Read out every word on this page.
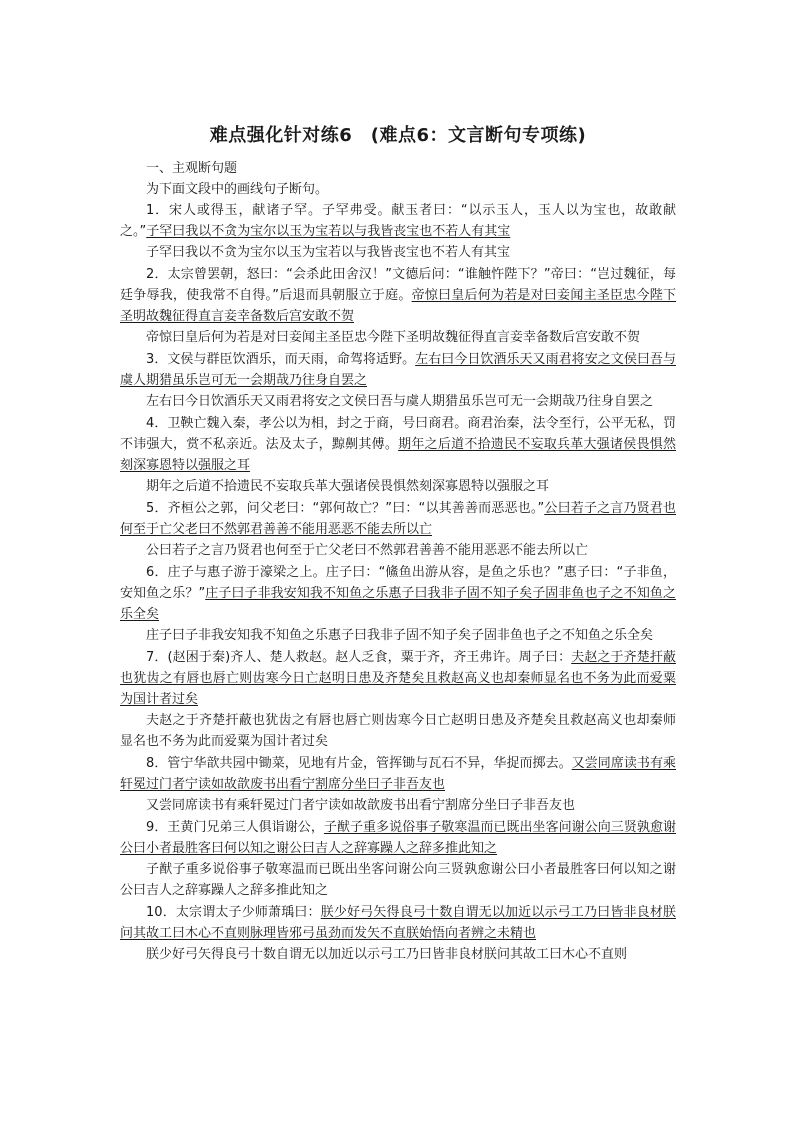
难点强化针对练6　(难点6：文言断句专项练)

一、主观断句题

为下面文段中的画线句子断句。

1．宋人或得玉，献诸子罕。子罕弗受。献玉者曰：“以示玉人，玉人以为宝也，故敢献之。”子罕曰我以不贪为宝尔以玉为宝若以与我皆丧宝也不若人有其宝

子罕曰我以不贪为宝尔以玉为宝若以与我皆丧宝也不若人有其宝

2．太宗曾罢朝，怒曰：“会杀此田舍汉！”文德后问：“谁触忤陛下？”帝曰：“岂过魏征，每廷争辱我，使我常不自得。”后退而具朝服立于庭。帝惊曰皇后何为若是对曰妾闻主圣臣忠今陛下圣明故魏征得直言妾幸备数后宫安敢不贺

帝惊曰皇后何为若是对曰妾闻主圣臣忠今陛下圣明故魏征得直言妾幸备数后宫安敢不贺

3．文侯与群臣饮酒乐，而天雨，命驾将适野。左右曰今日饮酒乐天又雨君将安之文侯曰吾与虞人期猎虽乐岂可无一会期哉乃往身自罢之

左右曰今日饮酒乐天又雨君将安之文侯曰吾与虞人期猎虽乐岂可无一会期哉乃往身自罢之

4．卫鞅亡魏入秦，孝公以为相，封之于商，号曰商君。商君治秦，法令至行，公平无私，罚不讳强大，赏不私亲近。法及太子，黥劓其傅。期年之后道不拾遗民不妄取兵革大强诸侯畏惧然刻深寡恩特以强服之耳

期年之后道不拾遗民不妄取兵革大强诸侯畏惧然刻深寡恩特以强服之耳

5．齐桓公之郭，问父老曰：“郭何故亡？”曰：“以其善善而恶恶也。”公曰若子之言乃贤君也何至于亡父老曰不然郭君善善不能用恶恶不能去所以亡

公曰若子之言乃贤君也何至于亡父老曰不然郭君善善不能用恶恶不能去所以亡

6．庄子与惠子游于濠梁之上。庄子曰：“鯈鱼出游从容，是鱼之乐也？”惠子曰：“子非鱼，安知鱼之乐？”庄子曰子非我安知我不知鱼之乐惠子曰我非子固不知子矣子固非鱼也子之不知鱼之乐全矣

庄子曰子非我安知我不知鱼之乐惠子曰我非子固不知子矣子固非鱼也子之不知鱼之乐全矣

7．(赵困于秦)齐人、楚人救赵。赵人乏食，粟于齐，齐王弗许。周子曰：夫赵之于齐楚扞蔽也犹齿之有唇也唇亡则齿寒今日亡赵明日患及齐楚矣且救赵高义也却秦师显名也不务为此而爱粟为国计者过矣

夫赵之于齐楚扞蔽也犹齿之有唇也唇亡则齿寒今日亡赵明日患及齐楚矣且救赵高义也却秦师显名也不务为此而爱粟为国计者过矣

8．管宁华歆共园中锄菜，见地有片金，管挥锄与瓦石不异，华捉而掷去。又尝同席读书有乘轩冕过门者宁读如故歆废书出看宁割席分坐曰子非吾友也

又尝同席读书有乘轩冕过门者宁读如故歆废书出看宁割席分坐曰子非吾友也

9．王黄门兄弟三人俱诣谢公，子猷子重多说俗事子敬寒温而已既出坐客问谢公向三贤孰愈谢公曰小者最胜客曰何以知之谢公曰吉人之辞寡躁人之辞多推此知之

子猷子重多说俗事子敬寒温而已既出坐客问谢公向三贤孰愈谢公曰小者最胜客曰何以知之谢公曰吉人之辞寡躁人之辞多推此知之

10．太宗谓太子少师萧瑀曰：朕少好弓矢得良弓十数自谓无以加近以示弓工乃曰皆非良材朕问其故工曰木心不直则脉理皆邪弓虽劲而发矢不直朕始悟向者辨之未精也

朕少好弓矢得良弓十数自谓无以加近以示弓工乃曰皆非良材朕问其故工曰木心不直则
